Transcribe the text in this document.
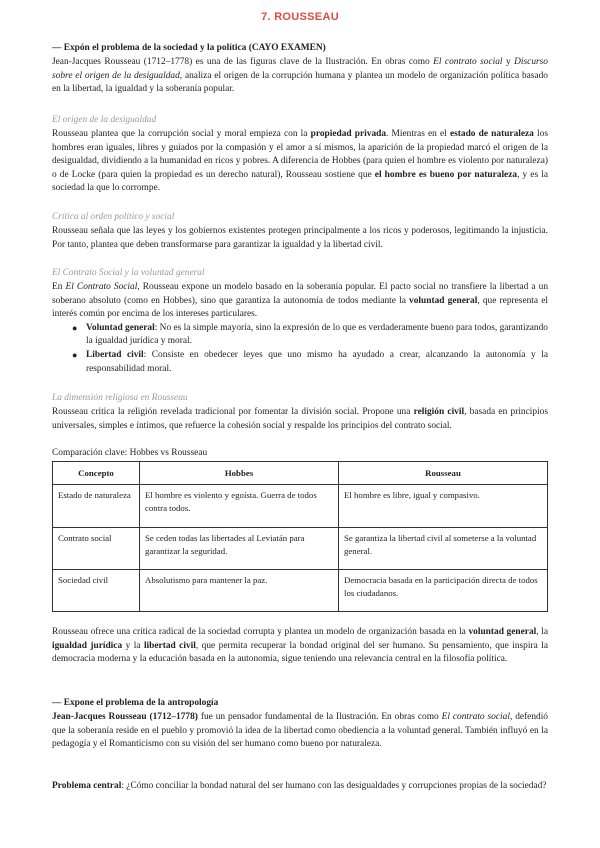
7. ROUSSEAU
— Expón el problema de la sociedad y la política (CAYO EXAMEN)
Jean-Jacques Rousseau (1712–1778) es una de las figuras clave de la Ilustración. En obras como El contrato social y Discurso sobre el origen de la desigualdad, analiza el origen de la corrupción humana y plantea un modelo de organización política basado en la libertad, la igualdad y la soberanía popular.
El origen de la desigualdad
Rousseau plantea que la corrupción social y moral empieza con la propiedad privada. Mientras en el estado de naturaleza los hombres eran iguales, libres y guiados por la compasión y el amor a sí mismos, la aparición de la propiedad marcó el origen de la desigualdad, dividiendo a la humanidad en ricos y pobres. A diferencia de Hobbes (para quien el hombre es violento por naturaleza) o de Locke (para quien la propiedad es un derecho natural), Rousseau sostiene que el hombre es bueno por naturaleza, y es la sociedad la que lo corrompe.
Crítica al orden político y social
Rousseau señala que las leyes y los gobiernos existentes protegen principalmente a los ricos y poderosos, legitimando la injusticia. Por tanto, plantea que deben transformarse para garantizar la igualdad y la libertad civil.
El Contrato Social y la voluntad general
En El Contrato Social, Rousseau expone un modelo basado en la soberanía popular. El pacto social no transfiere la libertad a un soberano absoluto (como en Hobbes), sino que garantiza la autonomía de todos mediante la voluntad general, que representa el interés común por encima de los intereses particulares.
● Voluntad general: No es la simple mayoría, sino la expresión de lo que es verdaderamente bueno para todos, garantizando la igualdad jurídica y moral.
● Libertad civil: Consiste en obedecer leyes que uno mismo ha ayudado a crear, alcanzando la autonomía y la responsabilidad moral.
La dimensión religiosa en Rousseau
Rousseau critica la religión revelada tradicional por fomentar la división social. Propone una religión civil, basada en principios universales, simples e íntimos, que refuerce la cohesión social y respalde los principios del contrato social.
Comparación clave: Hobbes vs Rousseau
Concepto	Hobbes	Rousseau
Estado de naturaleza	El hombre es violento y egoísta. Guerra de todos contra todos.	El hombre es libre, igual y compasivo.
Contrato social	Se ceden todas las libertades al Leviatán para garantizar la seguridad.	Se garantiza la libertad civil al someterse a la voluntad general.
Sociedad civil	Absolutismo para mantener la paz.	Democracia basada en la participación directa de todos los ciudadanos.
Rousseau ofrece una crítica radical de la sociedad corrupta y plantea un modelo de organización basada en la voluntad general, la igualdad jurídica y la libertad civil, que permita recuperar la bondad original del ser humano. Su pensamiento, que inspira la democracia moderna y la educación basada en la autonomía, sigue teniendo una relevancia central en la filosofía política.
— Expone el problema de la antropología
Jean-Jacques Rousseau (1712–1778) fue un pensador fundamental de la Ilustración. En obras como El contrato social, defendió que la soberanía reside en el pueblo y promovió la idea de la libertad como obediencia a la voluntad general. También influyó en la pedagogía y el Romanticismo con su visión del ser humano como bueno por naturaleza.
Problema central: ¿Cómo conciliar la bondad natural del ser humano con las desigualdades y corrupciones propias de la sociedad?
